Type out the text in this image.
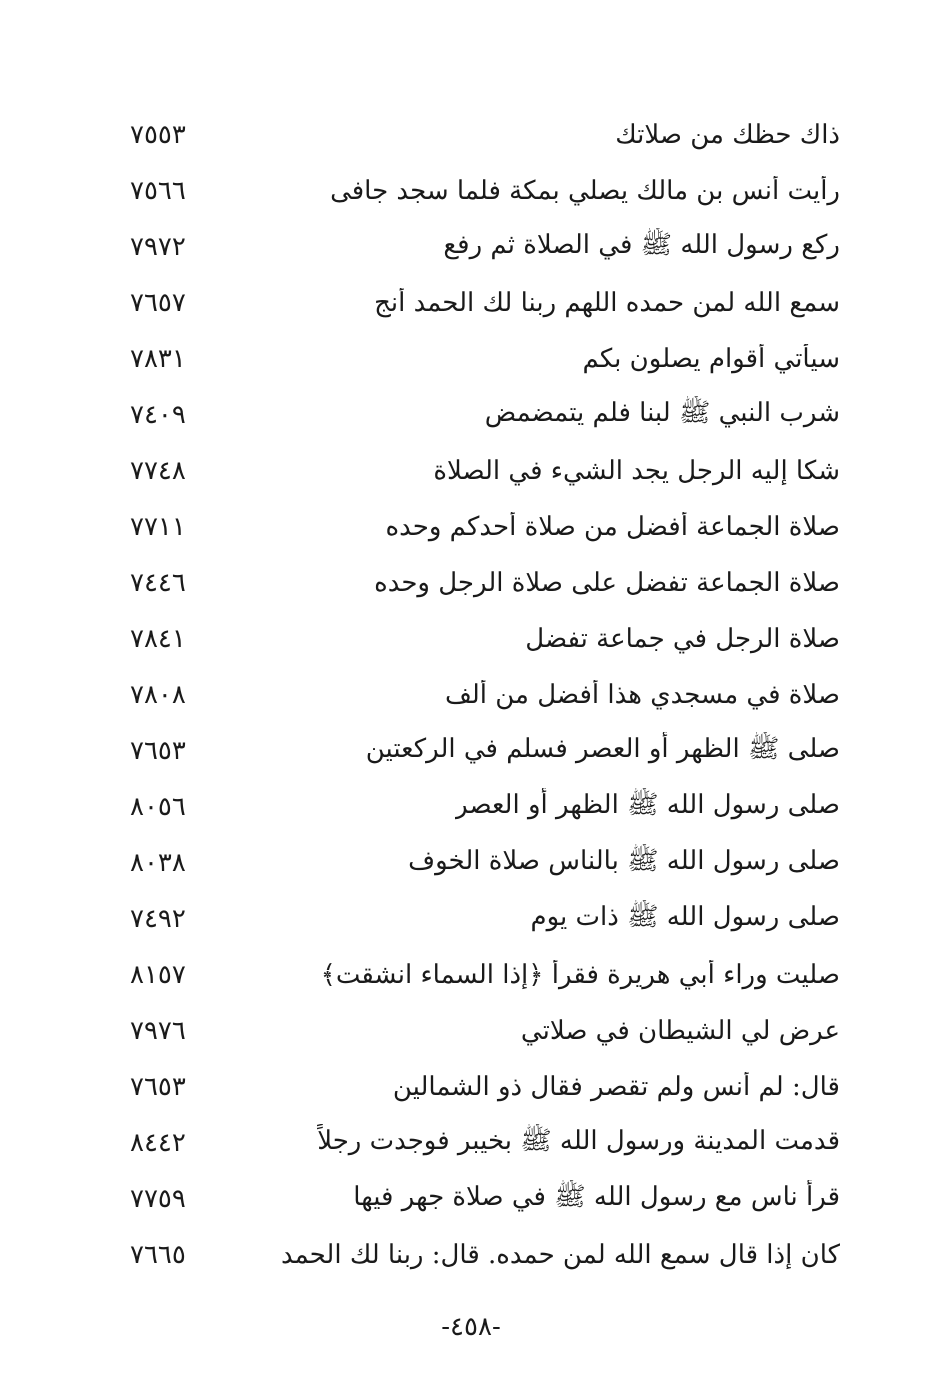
٧٥٥٣	ذاك حظك من صلاتك
٧٥٦٦	رأيت أنس بن مالك يصلي بمكة فلما سجد جافى
٧٩٧٢	ركع رسول الله ﷺ في الصلاة ثم رفع
٧٦٥٧	سمع الله لمن حمده اللهم ربنا لك الحمد أنج
٧٨٣١	سيأتي أقوام يصلون بكم
٧٤٠٩	شرب النبي ﷺ لبنا فلم يتمضمض
٧٧٤٨	شكا إليه الرجل يجد الشيء في الصلاة
٧٧١١	صلاة الجماعة أفضل من صلاة أحدكم وحده
٧٤٤٦	صلاة الجماعة تفضل على صلاة الرجل وحده
٧٨٤١	صلاة الرجل في جماعة تفضل
٧٨٠٨	صلاة في مسجدي هذا أفضل من ألف
٧٦٥٣	صلى ﷺ الظهر أو العصر فسلم في الركعتين
٨٠٥٦	صلى رسول الله ﷺ الظهر أو العصر
٨٠٣٨	صلى رسول الله ﷺ بالناس صلاة الخوف
٧٤٩٢	صلى رسول الله ﷺ ذات يوم
٨١٥٧	صليت وراء أبي هريرة فقرأ ﴿إذا السماء انشقت﴾
٧٩٧٦	عرض لي الشيطان في صلاتي
٧٦٥٣	قال: لم أنس ولم تقصر فقال ذو الشمالين
٨٤٤٢	قدمت المدينة ورسول الله ﷺ بخيبر فوجدت رجلاً
٧٧٥٩	قرأ ناس مع رسول الله ﷺ في صلاة جهر فيها
٧٦٦٥	كان إذا قال سمع الله لمن حمده. قال: ربنا لك الحمد
-٤٥٨-
